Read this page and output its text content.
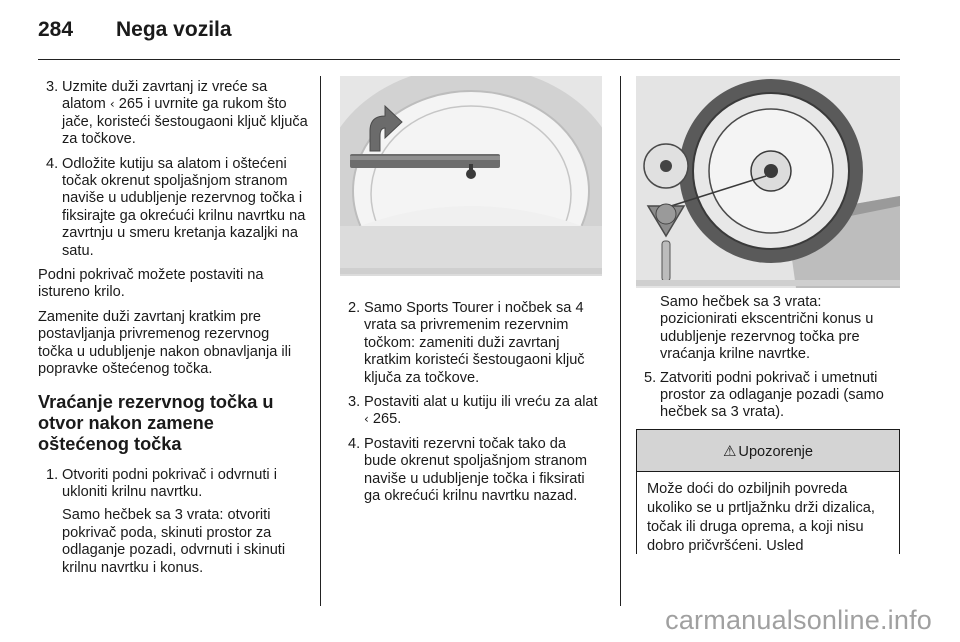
284 Nega vozila
3. Uzmite duži zavrtanj iz vreće sa alatom ‹ 265 i uvrnite ga rukom što jače, koristeći šestougaoni ključ ključa za točkove.

4. Odložite kutiju sa alatom i oštećeni točak okrenut spoljašnjom stranom naviše u udubljenje rezervnog točka i fiksirajte ga okrećući krilnu navrtku na zavrtnju u smeru kretanja kazaljki na satu.

Podni pokrivač možete postaviti na istureno krilo.

Zamenite duži zavrtanj kratkim pre postavljanja privremenog rezervnog točka u udubljenje nakon obnavljanja ili popravke oštećenog točka.

Vraćanje rezervnog točka u otvor nakon zamene oštećenog točka
1. Otvoriti podni pokrivač i odvrnuti i ukloniti krilnu navrtku.

Samo hečbek sa 3 vrata: otvoriti pokrivač poda, skinuti prostor za odlaganje pozadi, odvrnuti i skinuti krilnu navrtku i konus.

2. Samo Sports Tourer i nočbek sa 4 vrata sa privremenim rezervnim točkom: zameniti duži zavrtanj kratkim koristeći šestougaoni ključ ključa za točkove.

3. Postaviti alat u kutiju ili vreću za alat ‹ 265.

4. Postaviti rezervni točak tako da bude okrenut spoljašnjom stranom naviše u udubljenje točka i fiksirati ga okrećući krilnu navrtku nazad.

Samo hečbek sa 3 vrata: pozicionirati ekscentrični konus u udubljenje rezervnog točka pre vraćanja krilne navrtke.

5. Zatvoriti podni pokrivač i umetnuti prostor za odlaganje pozadi (samo hečbek sa 3 vrata).

⚠ Upozorenje
Može doći do ozbiljnih povreda ukoliko se u prtljažnku drži dizalica, točak ili druga oprema, a koji nisu dobro pričvršćeni. Usled
carmanualsonline.info
